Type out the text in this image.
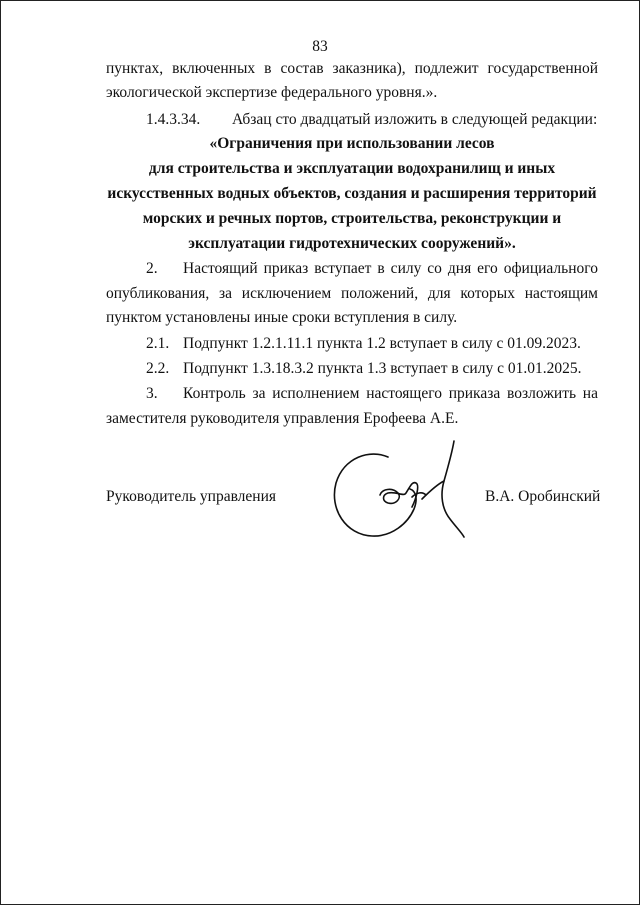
83
пунктах, включенных в состав заказника), подлежит государственной
экологической экспертизе федерального уровня.».
1.4.3.34. Абзац сто двадцатый изложить в следующей редакции:
«Ограничения при использовании лесов
для строительства и эксплуатации водохранилищ и иных
искусственных водных объектов, создания и расширения территорий
морских и речных портов, строительства, реконструкции и
эксплуатации гидротехнических сооружений».
2. Настоящий приказ вступает в силу со дня его официального
опубликования, за исключением положений, для которых настоящим
пунктом установлены иные сроки вступления в силу.
2.1. Подпункт 1.2.1.11.1 пункта 1.2 вступает в силу с 01.09.2023.
2.2. Подпункт 1.3.18.3.2 пункта 1.3 вступает в силу с 01.01.2025.
3. Контроль за исполнением настоящего приказа возложить на
заместителя руководителя управления Ерофеева А.Е.
Руководитель управления	В.А. Оробинский
